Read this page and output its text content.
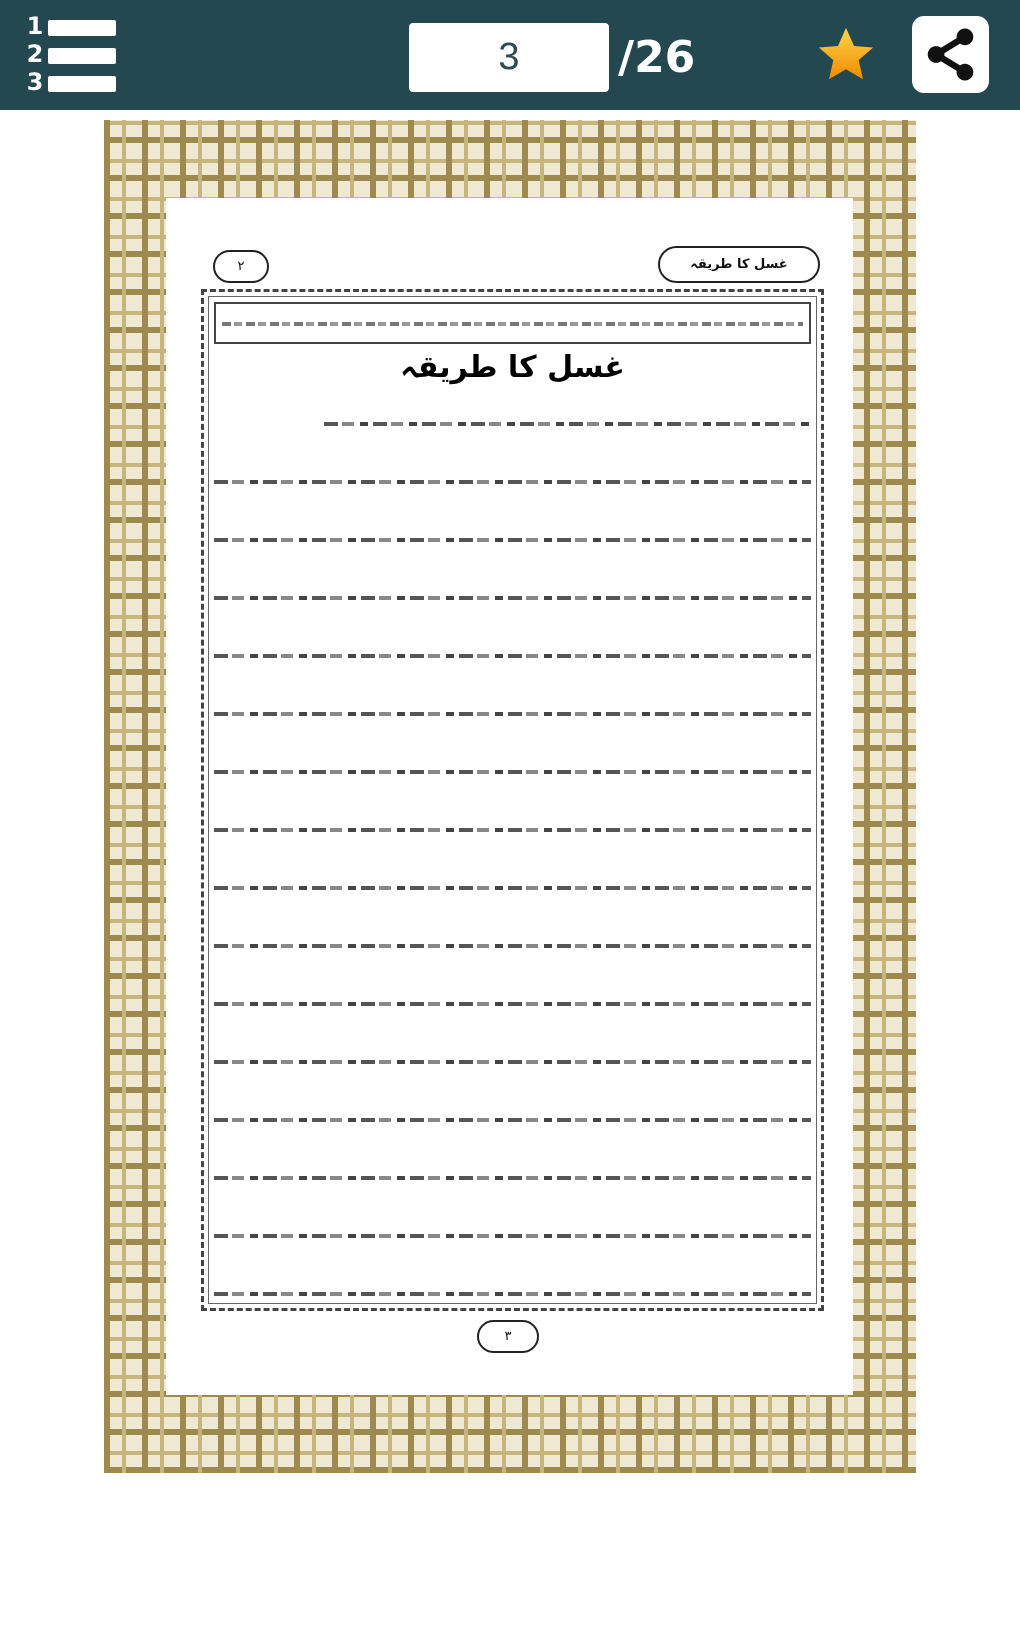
1
2
3
3	/26
٢	غسل کا طریقہ
غسل کا طریقہ
٣
